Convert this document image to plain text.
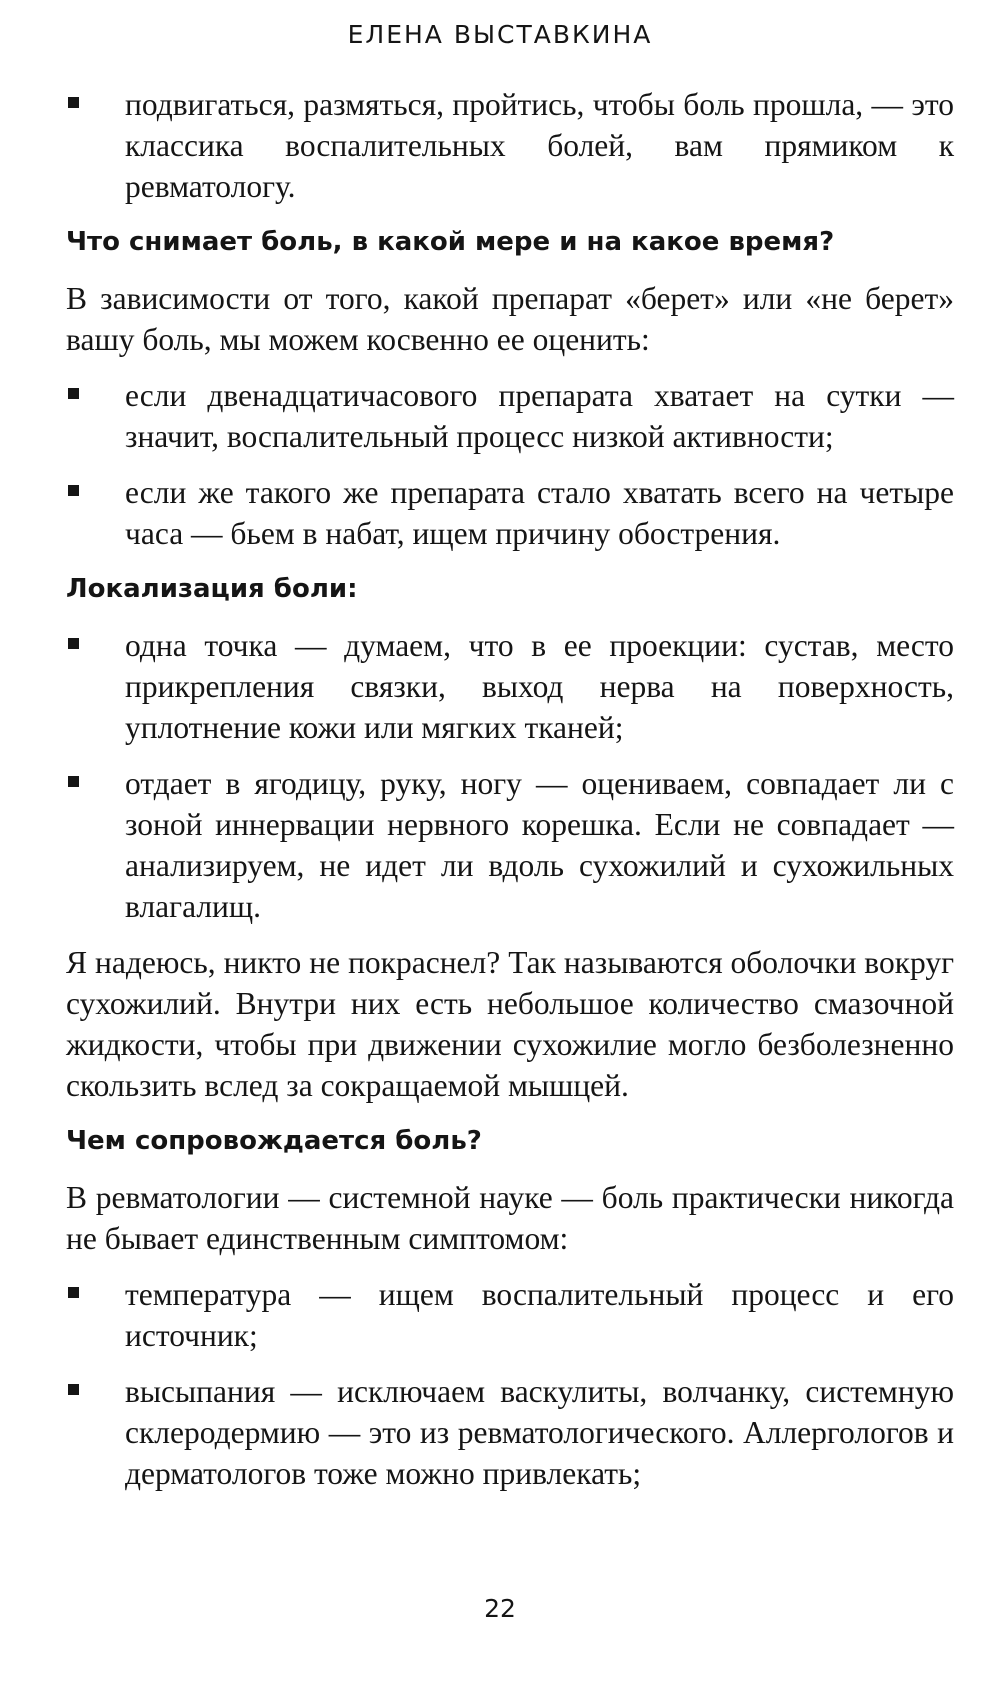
ЕЛЕНА ВЫСТАВКИНА
подвигаться, размяться, пройтись, чтобы боль прошла, — это классика воспалительных болей, вам прямиком к ревматологу.
Что снимает боль, в какой мере и на какое время?
В зависимости от того, какой препарат «берет» или «не берет» вашу боль, мы можем косвенно ее оценить:
если двенадцатичасового препарата хватает на сутки — значит, воспалительный процесс низкой активности;
если же такого же препарата стало хватать всего на четыре часа — бьем в набат, ищем причину обострения.
Локализация боли:
одна точка — думаем, что в ее проекции: сустав, место прикрепления связки, выход нерва на поверхность, уплотнение кожи или мягких тканей;
отдает в ягодицу, руку, ногу — оцениваем, совпадает ли с зоной иннервации нервного корешка. Если не совпадает — анализируем, не идет ли вдоль сухожилий и сухожильных влагалищ.
Я надеюсь, никто не покраснел? Так называются оболочки вокруг сухожилий. Внутри них есть небольшое количество смазочной жидкости, чтобы при движении сухожилие могло безболезненно скользить вслед за сокращаемой мышцей.
Чем сопровождается боль?
В ревматологии — системной науке — боль практически никогда не бывает единственным симптомом:
температура — ищем воспалительный процесс и его источник;
высыпания — исключаем васкулиты, волчанку, системную склеродермию — это из ревматологического. Аллергологов и дерматологов тоже можно привлекать;
22
